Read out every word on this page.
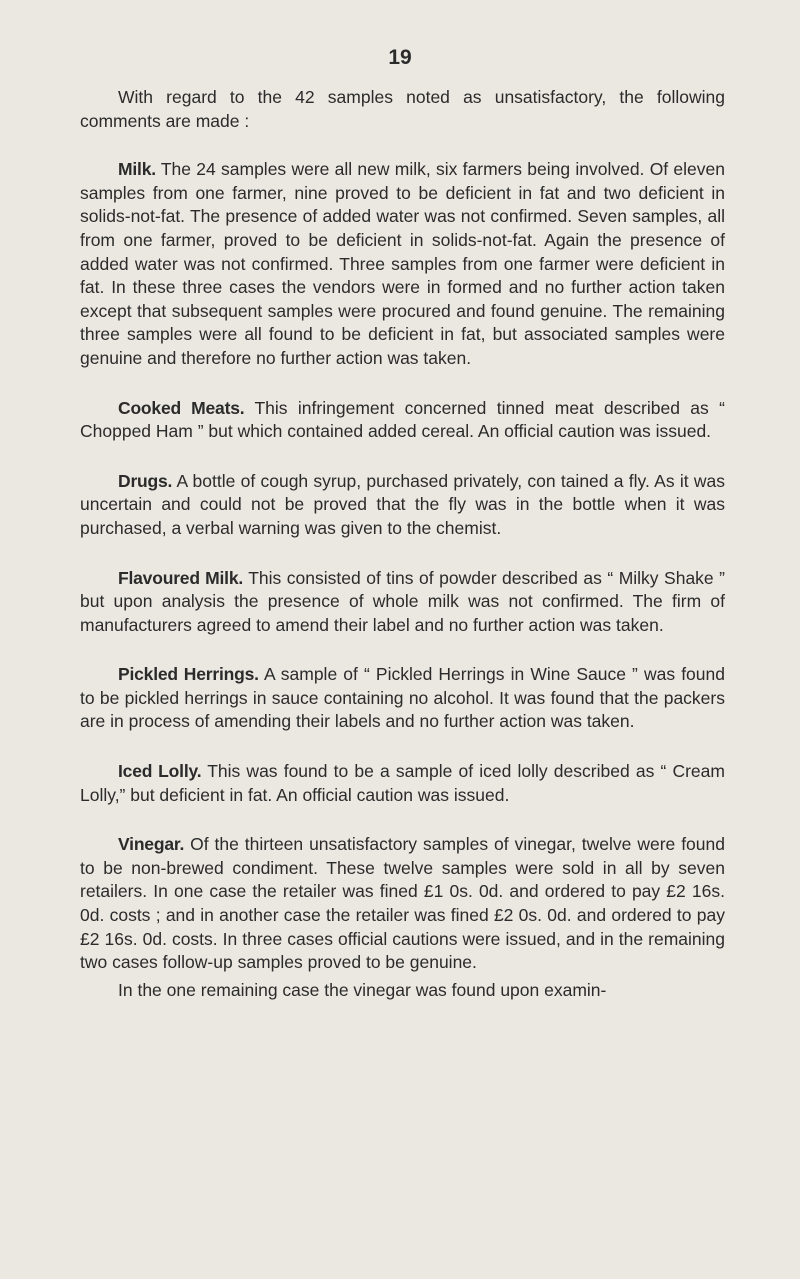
19

With regard to the 42 samples noted as unsatisfactory, the following comments are made :

Milk. The 24 samples were all new milk, six farmers being involved. Of eleven samples from one farmer, nine proved to be deficient in fat and two deficient in solids-not-fat. The presence of added water was not confirmed. Seven samples, all from one farmer, proved to be deficient in solids-not-fat. Again the presence of added water was not confirmed. Three samples from one farmer were deficient in fat. In these three cases the vendors were in formed and no further action taken except that subsequent samples were procured and found genuine. The remaining three samples were all found to be deficient in fat, but associated samples were genuine and therefore no further action was taken.

Cooked Meats. This infringement concerned tinned meat described as “ Chopped Ham ” but which contained added cereal. An official caution was issued.

Drugs. A bottle of cough syrup, purchased privately, con tained a fly. As it was uncertain and could not be proved that the fly was in the bottle when it was purchased, a verbal warning was given to the chemist.

Flavoured Milk. This consisted of tins of powder described as “ Milky Shake ” but upon analysis the presence of whole milk was not confirmed. The firm of manufacturers agreed to amend their label and no further action was taken.

Pickled Herrings. A sample of “ Pickled Herrings in Wine Sauce ” was found to be pickled herrings in sauce containing no alcohol. It was found that the packers are in process of amending their labels and no further action was taken.

Iced Lolly. This was found to be a sample of iced lolly described as “ Cream Lolly,” but deficient in fat. An official caution was issued.

Vinegar. Of the thirteen unsatisfactory samples of vinegar, twelve were found to be non-brewed condiment. These twelve samples were sold in all by seven retailers. In one case the retailer was fined £1 0s. 0d. and ordered to pay £2 16s. 0d. costs ; and in another case the retailer was fined £2 0s. 0d. and ordered to pay £2 16s. 0d. costs. In three cases official cautions were issued, and in the remaining two cases follow-up samples proved to be genuine.

In the one remaining case the vinegar was found upon examin-
